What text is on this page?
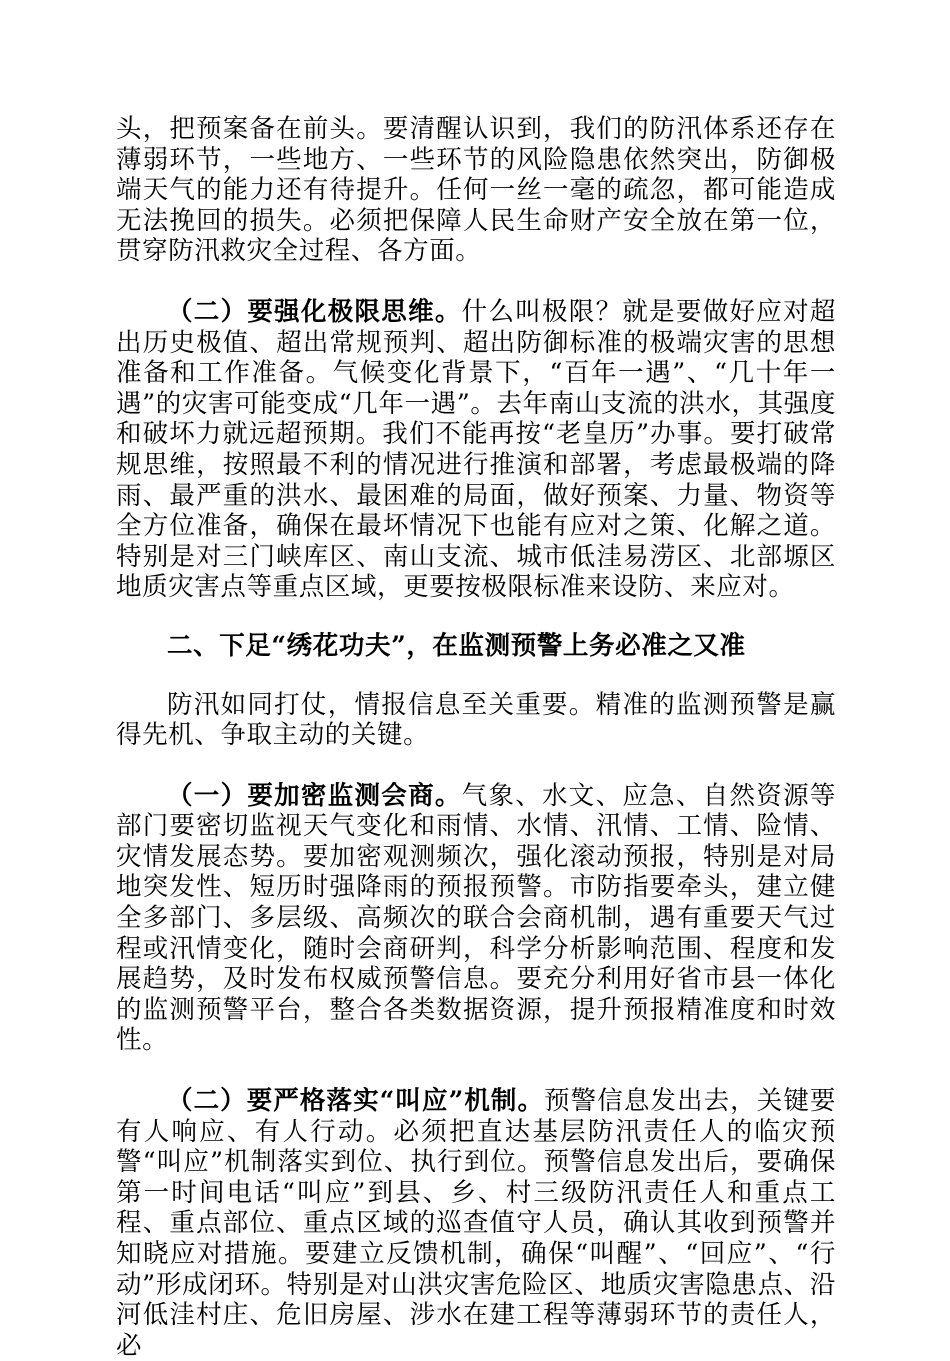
头，把预案备在前头。要清醒认识到，我们的防汛体系还存在薄弱环节，一些地方、一些环节的风险隐患依然突出，防御极端天气的能力还有待提升。任何一丝一毫的疏忽，都可能造成无法挽回的损失。必须把保障人民生命财产安全放在第一位，贯穿防汛救灾全过程、各方面。

（二）要强化极限思维。什么叫极限？就是要做好应对超出历史极值、超出常规预判、超出防御标准的极端灾害的思想准备和工作准备。气候变化背景下，“百年一遇”、“几十年一遇”的灾害可能变成“几年一遇”。去年南山支流的洪水，其强度和破坏力就远超预期。我们不能再按“老皇历”办事。要打破常规思维，按照最不利的情况进行推演和部署，考虑最极端的降雨、最严重的洪水、最困难的局面，做好预案、力量、物资等全方位准备，确保在最坏情况下也能有应对之策、化解之道。特别是对三门峡库区、南山支流、城市低洼易涝区、北部塬区地质灾害点等重点区域，更要按极限标准来设防、来应对。

二、下足“绣花功夫”，在监测预警上务必准之又准

防汛如同打仗，情报信息至关重要。精准的监测预警是赢得先机、争取主动的关键。

（一）要加密监测会商。气象、水文、应急、自然资源等部门要密切监视天气变化和雨情、水情、汛情、工情、险情、灾情发展态势。要加密观测频次，强化滚动预报，特别是对局地突发性、短历时强降雨的预报预警。市防指要牵头，建立健全多部门、多层级、高频次的联合会商机制，遇有重要天气过程或汛情变化，随时会商研判，科学分析影响范围、程度和发展趋势，及时发布权威预警信息。要充分利用好省市县一体化的监测预警平台，整合各类数据资源，提升预报精准度和时效性。

（二）要严格落实“叫应”机制。预警信息发出去，关键要有人响应、有人行动。必须把直达基层防汛责任人的临灾预警“叫应”机制落实到位、执行到位。预警信息发出后，要确保第一时间电话“叫应”到县、乡、村三级防汛责任人和重点工程、重点部位、重点区域的巡查值守人员，确认其收到预警并知晓应对措施。要建立反馈机制，确保“叫醒”、“回应”、“行动”形成闭环。特别是对山洪灾害危险区、地质灾害隐患点、沿河低洼村庄、危旧房屋、涉水在建工程等薄弱环节的责任人，必
